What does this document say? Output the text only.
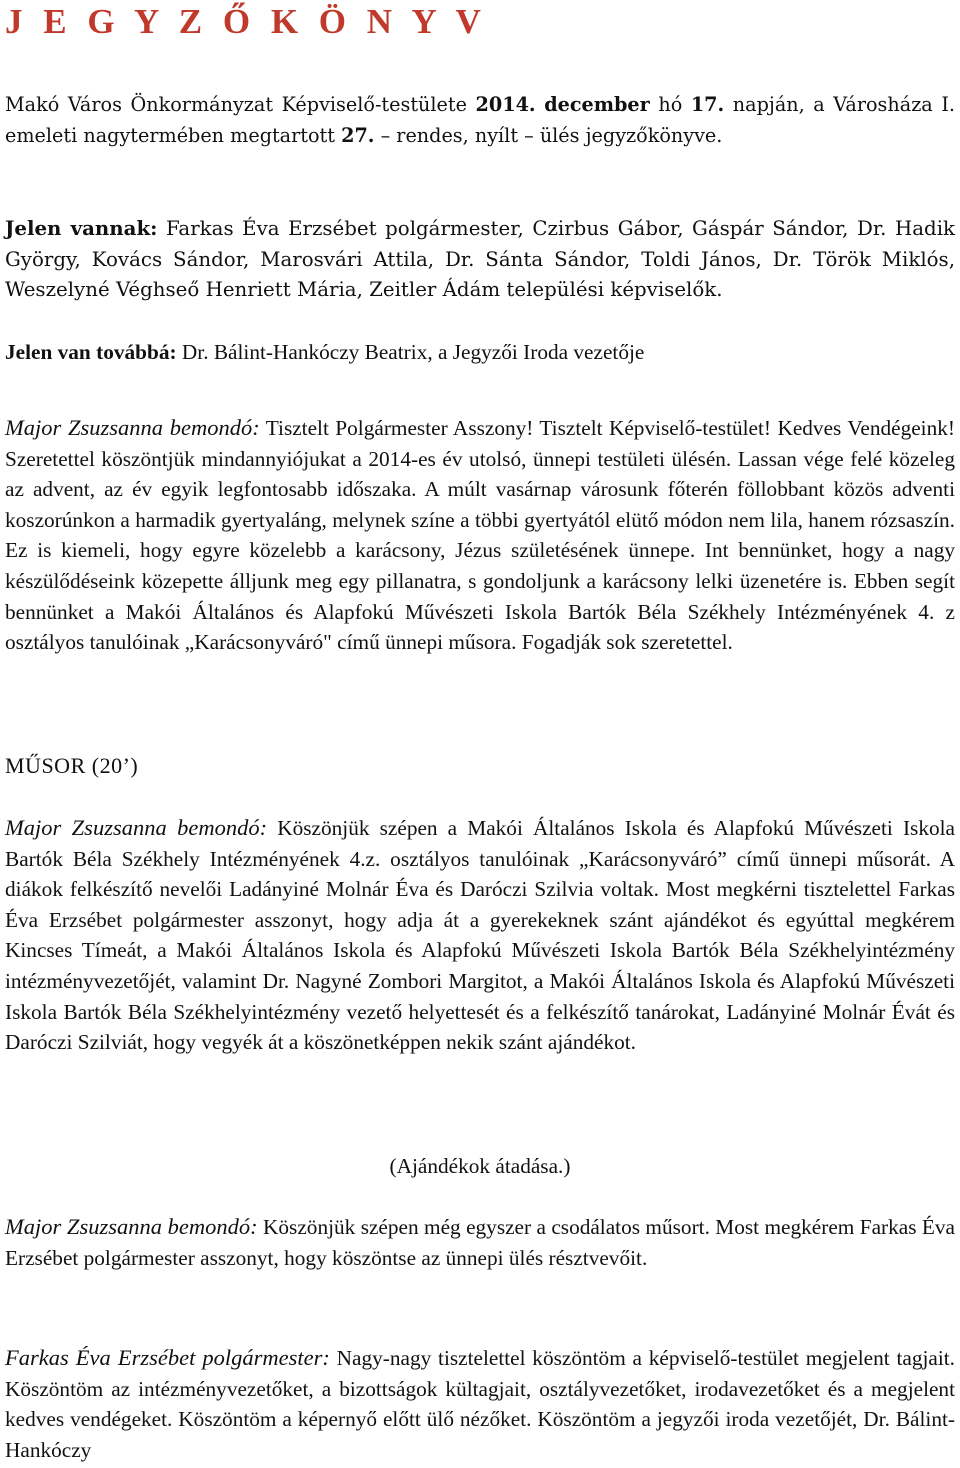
J E G Y Z Ő K Ö N Y V

Makó Város Önkormányzat Képviselő-testülete 2014. december hó 17. napján, a Városháza I. emeleti nagytermében megtartott 27. – rendes, nyílt – ülés jegyzőkönyve.

Jelen vannak: Farkas Éva Erzsébet polgármester, Czirbus Gábor, Gáspár Sándor, Dr. Hadik György, Kovács Sándor, Marosvári Attila, Dr. Sánta Sándor, Toldi János, Dr. Török Miklós, Weszelyné Véghseő Henriett Mária, Zeitler Ádám települési képviselők.

Jelen van továbbá: Dr. Bálint-Hankóczy Beatrix, a Jegyzői Iroda vezetője

Major Zsuzsanna bemondó: Tisztelt Polgármester Asszony! Tisztelt Képviselő-testület! Kedves Vendégeink! Szeretettel köszöntjük mindannyiójukat a 2014-es év utolsó, ünnepi testületi ülésén. Lassan vége felé közeleg az advent, az év egyik legfontosabb időszaka. A múlt vasárnap városunk főterén föllobbant közös adventi koszorúnkon a harmadik gyertyaláng, melynek színe a többi gyertyától elütő módon nem lila, hanem rózsaszín. Ez is kiemeli, hogy egyre közelebb a karácsony, Jézus születésének ünnepe. Int bennünket, hogy a nagy készülődéseink közepette álljunk meg egy pillanatra, s gondoljunk a karácsony lelki üzenetére is. Ebben segít bennünket a Makói Általános és Alapfokú Művészeti Iskola Bartók Béla Székhely Intézményének 4. z osztályos tanulóinak „Karácsonyváró" című ünnepi műsora. Fogadják sok szeretettel.

MŰSOR (20’)

Major Zsuzsanna bemondó: Köszönjük szépen a Makói Általános Iskola és Alapfokú Művészeti Iskola Bartók Béla Székhely Intézményének 4.z. osztályos tanulóinak „Karácsonyváró” című ünnepi műsorát. A diákok felkészítő nevelői Ladányiné Molnár Éva és Daróczi Szilvia voltak. Most megkérni tisztelettel Farkas Éva Erzsébet polgármester asszonyt, hogy adja át a gyerekeknek szánt ajándékot és egyúttal megkérem Kincses Tímeát, a Makói Általános Iskola és Alapfokú Művészeti Iskola Bartók Béla Székhelyintézmény intézményvezetőjét, valamint Dr. Nagyné Zombori Margitot, a Makói Általános Iskola és Alapfokú Művészeti Iskola Bartók Béla Székhelyintézmény vezető helyettesét és a felkészítő tanárokat, Ladányiné Molnár Évát és Daróczi Szilviát, hogy vegyék át a köszönetképpen nekik szánt ajándékot.

(Ajándékok átadása.)

Major Zsuzsanna bemondó: Köszönjük szépen még egyszer a csodálatos műsort. Most megkérem Farkas Éva Erzsébet polgármester asszonyt, hogy köszöntse az ünnepi ülés résztvevőit.

Farkas Éva Erzsébet polgármester: Nagy-nagy tisztelettel köszöntöm a képviselő-testület megjelent tagjait. Köszöntöm az intézményvezetőket, a bizottságok kültagjait, osztályvezetőket, irodavezetőket és a megjelent kedves vendégeket. Köszöntöm a képernyő előtt ülő nézőket. Köszöntöm a jegyzői iroda vezetőjét, Dr. Bálint-Hankóczy
